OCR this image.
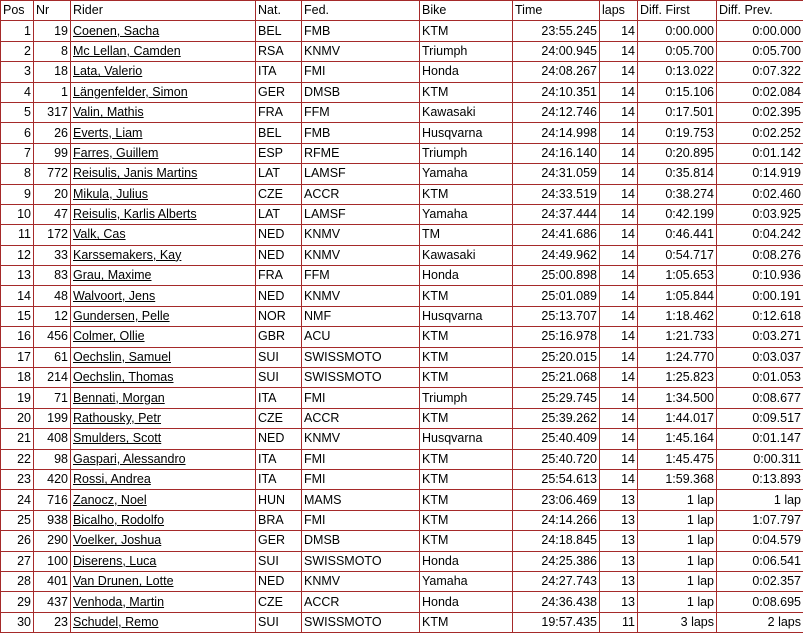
Pos	Nr	Rider	Nat.	Fed.	Bike	Time	laps	Diff. First	Diff. Prev.
1	19	Coenen, Sacha	BEL	FMB	KTM	23:55.245	14	0:00.000	0:00.000
2	8	Mc Lellan, Camden	RSA	KNMV	Triumph	24:00.945	14	0:05.700	0:05.700
3	18	Lata, Valerio	ITA	FMI	Honda	24:08.267	14	0:13.022	0:07.322
4	1	Längenfelder, Simon	GER	DMSB	KTM	24:10.351	14	0:15.106	0:02.084
5	317	Valin, Mathis	FRA	FFM	Kawasaki	24:12.746	14	0:17.501	0:02.395
6	26	Everts, Liam	BEL	FMB	Husqvarna	24:14.998	14	0:19.753	0:02.252
7	99	Farres, Guillem	ESP	RFME	Triumph	24:16.140	14	0:20.895	0:01.142
8	772	Reisulis, Janis Martins	LAT	LAMSF	Yamaha	24:31.059	14	0:35.814	0:14.919
9	20	Mikula, Julius	CZE	ACCR	KTM	24:33.519	14	0:38.274	0:02.460
10	47	Reisulis, Karlis Alberts	LAT	LAMSF	Yamaha	24:37.444	14	0:42.199	0:03.925
11	172	Valk, Cas	NED	KNMV	TM	24:41.686	14	0:46.441	0:04.242
12	33	Karssemakers, Kay	NED	KNMV	Kawasaki	24:49.962	14	0:54.717	0:08.276
13	83	Grau, Maxime	FRA	FFM	Honda	25:00.898	14	1:05.653	0:10.936
14	48	Walvoort, Jens	NED	KNMV	KTM	25:01.089	14	1:05.844	0:00.191
15	12	Gundersen, Pelle	NOR	NMF	Husqvarna	25:13.707	14	1:18.462	0:12.618
16	456	Colmer, Ollie	GBR	ACU	KTM	25:16.978	14	1:21.733	0:03.271
17	61	Oechslin, Samuel	SUI	SWISSMOTO	KTM	25:20.015	14	1:24.770	0:03.037
18	214	Oechslin, Thomas	SUI	SWISSMOTO	KTM	25:21.068	14	1:25.823	0:01.053
19	71	Bennati, Morgan	ITA	FMI	Triumph	25:29.745	14	1:34.500	0:08.677
20	199	Rathousky, Petr	CZE	ACCR	KTM	25:39.262	14	1:44.017	0:09.517
21	408	Smulders, Scott	NED	KNMV	Husqvarna	25:40.409	14	1:45.164	0:01.147
22	98	Gaspari, Alessandro	ITA	FMI	KTM	25:40.720	14	1:45.475	0:00.311
23	420	Rossi, Andrea	ITA	FMI	KTM	25:54.613	14	1:59.368	0:13.893
24	716	Zanocz, Noel	HUN	MAMS	KTM	23:06.469	13	1 lap	1 lap
25	938	Bicalho, Rodolfo	BRA	FMI	KTM	24:14.266	13	1 lap	1:07.797
26	290	Voelker, Joshua	GER	DMSB	KTM	24:18.845	13	1 lap	0:04.579
27	100	Diserens, Luca	SUI	SWISSMOTO	Honda	24:25.386	13	1 lap	0:06.541
28	401	Van Drunen, Lotte	NED	KNMV	Yamaha	24:27.743	13	1 lap	0:02.357
29	437	Venhoda, Martin	CZE	ACCR	Honda	24:36.438	13	1 lap	0:08.695
30	23	Schudel, Remo	SUI	SWISSMOTO	KTM	19:57.435	11	3 laps	2 laps
